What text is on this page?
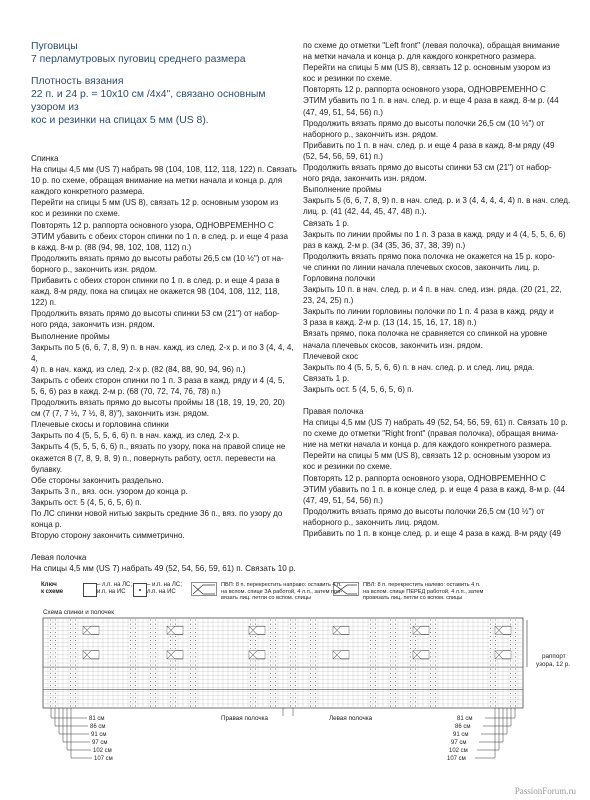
Пуговицы

7 перламутровых пуговиц среднего размера

Плотность вязания

22 п. и 24 р. = 10x10 см /4x4", связано основным узором из

кос и резинки на спицах 5 мм (US 8).

Спинка

На спицы 4,5 мм (US 7) набрать 98 (104, 108, 112, 118, 122) п. Связать

10 р. по схеме, обращая внимание на метки начала и конца р. для

каждого конкретного размера.

Перейти на спицы 5 мм (US 8), связать 12 р. основным узором из

кос и резинки по схеме.

Повторять 12 р. раппорта основного узора, ОДНОВРЕМЕННО С

ЭТИМ убавить с обеих сторон спинки по 1 п. в след. р. и еще 4 раза

в кажд. 8-м р. (88 (94, 98, 102, 108, 112) п.)

Продолжить вязать прямо до высоты работы 26,5 см (10 ½") от на-

борного р., закончить изн. рядом.

Прибавить с обеих сторон спинки по 1 п. в след. р. и еще 4 раза в

кажд. 8-м ряду, пока на спицах не окажется 98 (104, 108, 112, 118,

122) п.

Продолжить вязать прямо до высоты спинки 53 см (21") от набор-

ного ряда, закончить изн. рядом.

Выполнение проймы

Закрыть по 5 (6, 6, 7, 8, 9) п. в нач. кажд. из след. 2-х р. и по 3 (4, 4, 4, 4,

4) п. в нач. кажд. из след. 2-х р. (82 (84, 88, 90, 94, 96) п.)

Закрыть с обеих сторон спинки по 1 п. 3 раза в кажд. ряду и 4 (4, 5,

5, 6, 6) раз в кажд. 2-м р. (68 (70, 72, 74, 76, 78) п.)

Продолжить вязать прямо до высоты проймы 18 (18, 19, 19, 20, 20)

см (7 (7, 7 ½, 7 ½, 8, 8)"), закончить изн. рядом.

Плечевые скосы и горловина спинки

Закрыть по 4 (5, 5, 5, 6, 6) п. в нач. кажд. из след. 2-х р.

Закрыть 4 (5, 5, 5, 6, 6) п., вязать по узору, пока на правой спице не

окажется 8 (7, 8, 9, 8, 9) п., повернуть работу, остл. перевести на

булавку.

Обе стороны закончить раздельно.

Закрыть 3 п., вяз. осн. узором до конца р.

Закрыть ост. 5 (4, 5, 6, 5, 6) п.

По ЛС спинки новой нитью закрыть средние 36 п., вяз. по узору до

конца р.

Вторую сторону закончить симметрично.

Левая полочка

На спицы 4,5 мм (US 7) набрать 49 (52, 54, 56, 59, 61) п. Связать 10 р.

по схеме до отметки "Left front" (левая полочка), обращая внимание

на метки начала и конца р. для каждого конкретного размера.

Перейти на спицы 5 мм (US 8), связать 12 р. основным узором из

кос и резинки по схеме.

Повторять 12 р. раппорта основного узора, ОДНОВРЕМЕННО С

ЭТИМ убавить по 1 п. в нач. след. р. и еще 4 раза в кажд. 8-м р. (44

(47, 49, 51, 54, 56) п.)

Продолжить вязать прямо до высоты полочки 26,5 см (10 ½") от

наборного р., закончить изн. рядом.

Прибавить по 1 п. в нач. след. р. и еще 4 раза в кажд. 8-м ряду (49

(52, 54, 56, 59, 61) п.)

Продолжить вязать прямо до высоты спинки 53 см (21") от набор-

ного ряда, закончить изн. рядом.

Выполнение проймы

Закрыть 5 (6, 6, 7, 8, 9) п. в нач. след. р. и 3 (4, 4, 4, 4, 4) п. в нач. след.

лиц. р. (41 (42, 44, 45, 47, 48) п.).

Связать 1 р.

Закрыть по линии проймы по 1 п. 3 раза в кажд. ряду и 4 (4, 5, 5, 6, 6)

раз в кажд. 2-м р. (34 (35, 36, 37, 38, 39) п.)

Продолжить вязать прямо пока полочка не окажется на 15 р. коро-

че спинки по линии начала плечевых скосов, закончить лиц. р.

Горловина полочки

Закрыть 10 п. в нач. след. р. и 4 п. в нач. след. изн. ряда. (20 (21, 22,

23, 24, 25) п.)

Закрыть по линии горловины полочки по 1 п. 4 раза в кажд. ряду и

3 раза в кажд. 2-м р. (13 (14, 15, 16, 17, 18) п.)

Вязать прямо, пока полочка не сравняется со спинкой на уровне

начала плечевых скосов, закончить изн. рядом.

Плечевой скос

Закрыть по 4 (5, 5, 5, 6, 6) п. в нач. след. р. и след. лиц. ряда.

Связать 1 р.

Закрыть ост. 5 (4, 5, 6, 5, 6) п.

Правая полочка

На спицы 4,5 мм (US 7) набрать 49 (52, 54, 56, 59, 61) п. Связать 10 р.

по схеме до отметки "Right front" (правая полочка), обращая внима-

ние на метки начала и конца р. для каждого конкретного размера.

Перейти на спицы 5 мм (US 8), связать 12 р. основным узором из

кос и резинки по схеме.

Повторять 12 р. раппорта основного узора, ОДНОВРЕМЕННО С

ЭТИМ убавить по 1 п. в конце след. р. и еще 4 раза в кажд. 8-м р. (44

(47, 49, 51, 54, 56) п.)

Продолжить вязать прямо до высоты полочки 26,5 см (10 ½") от

наборного р., закончить лиц. рядом.

Прибавить по 1 п. в конце след. р. и еще 4 раза в кажд. 8-м ряду (49

Ключ
к схеме
– л.п. на ЛС;
и.п. на ИС
– и.п. на ЛС;
л.п. на ИС
ПВП: 8 п. перекрестить направо: оставить 4 п.
на вспом. спице ЗА работой, 4 л.п., затем про-
вязать лиц. петли со вспом. спицы
ПВЛ: 8 п. перекрестить налево: оставить 4 п.
на вспом. спице ПЕРЕД работой, 4 л.п., затем
провязать лиц. петли со вспом. спицы
Схема спинки и полочек
раппорт
узора, 12 р.
Правая полочка	Левая полочка
81 см
86 см
91 см
97 см
102 см
107 см
81 см
86 см
91 см
97 см
102 см
107 см
PassionForum.ru
